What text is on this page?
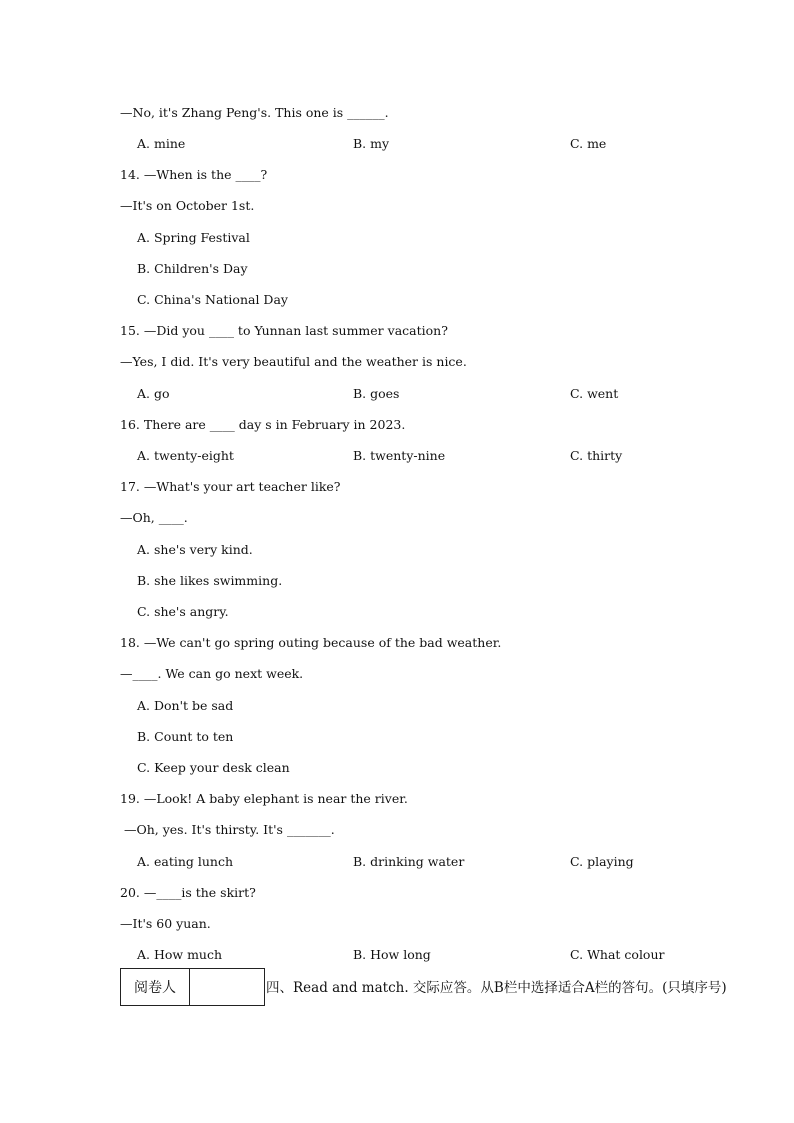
—No, it's Zhang Peng's. This one is ______.
A. mine	B. my	C. me
14. —When is the ____?
—It's on October 1st.
A. Spring Festival
B. Children's Day
C. China's National Day
15. —Did you ____ to Yunnan last summer vacation?
—Yes, I did. It's very beautiful and the weather is nice.
A. go	B. goes	C. went
16. There are ____ day s in February in 2023.
A. twenty-eight	B. twenty-nine	C. thirty
17. —What's your art teacher like?
—Oh, ____.
A. she's very kind.
B. she likes swimming.
C. she's angry.
18. —We can't go spring outing because of the bad weather.
—____. We can go next week.
A. Don't be sad
B. Count to ten
C. Keep your desk clean
19. —Look! A baby elephant is near the river.
—Oh, yes. It's thirsty. It's _______.
A. eating lunch	B. drinking water	C. playing
20. —____is the skirt?
—It's 60 yuan.
A. How much	B. How long	C. What colour
阅卷人	四、Read and match. 交际应答。从B栏中选择适合A栏的答句。(只填序号)
